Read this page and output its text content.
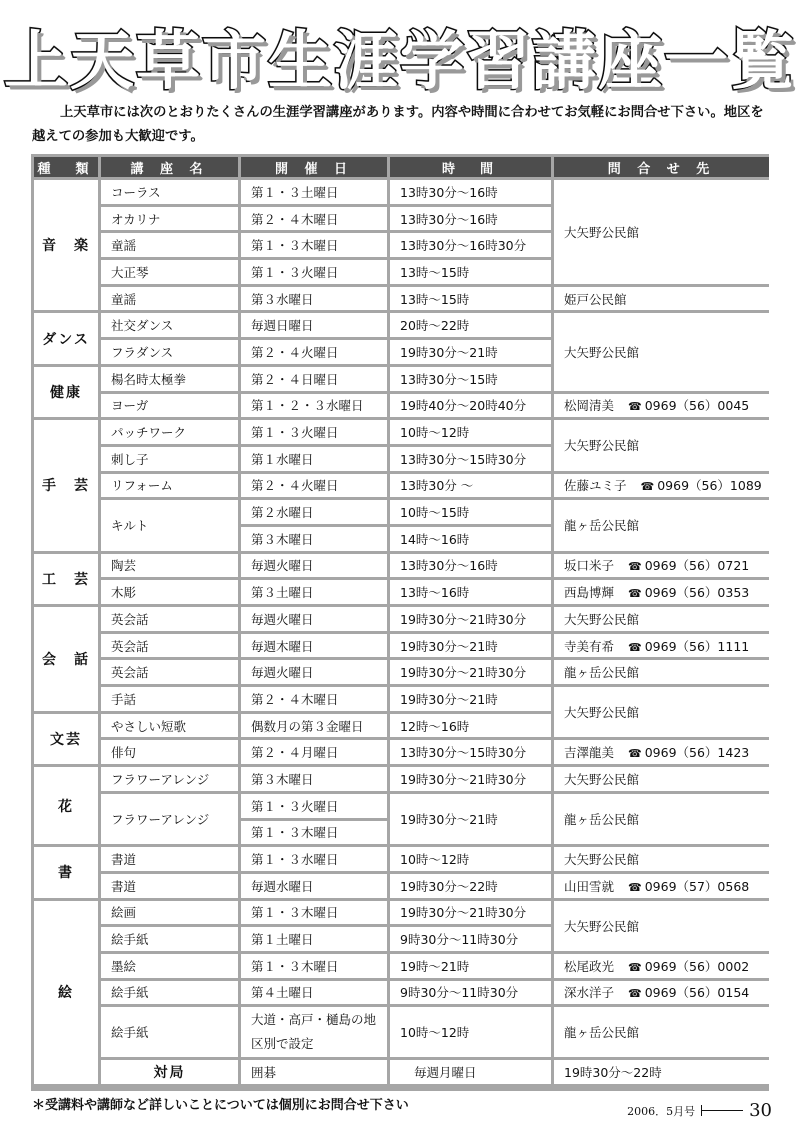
上天草市生涯学習講座一覧
上天草市には次のとおりたくさんの生涯学習講座があります。内容や時間に合わせてお気軽にお問合せ下さい。地区を越えての参加も大歓迎です。
種　類	講 座 名	開 催 日	時　間	問 合 せ 先	
音　楽	コーラス	第１・３土曜日	13時30分～16時	大矢野公民館	
	オカリナ	第２・４木曜日	13時30分～16時		
	童謡	第１・３木曜日	13時30分～16時30分		
	大正琴	第１・３火曜日	13時～15時		
	童謡	第３水曜日	13時～15時	姫戸公民館	
ダンス	社交ダンス	毎週日曜日	20時～22時	大矢野公民館	
	フラダンス	第２・４火曜日	19時30分～21時		
健康	楊名時太極拳	第２・４日曜日	13時30分～15時		
	ヨーガ	第１・２・３水曜日	19時40分～20時40分	松岡清美 ☎ 0969（56）0045	
手　芸	パッチワーク	第１・３火曜日	10時～12時	大矢野公民館	
	刺し子	第１水曜日	13時30分～15時30分		
	リフォーム	第２・４火曜日	13時30分 ～	佐藤ユミ子 ☎ 0969（56）1089	
	キルト	第２水曜日	10時～15時	龍ヶ岳公民館	
		第３木曜日	14時～16時		
工　芸	陶芸	毎週火曜日	13時30分～16時	坂口米子 ☎ 0969（56）0721	
	木彫	第３土曜日	13時～16時	西島博輝 ☎ 0969（56）0353	
会　話	英会話	毎週火曜日	19時30分～21時30分	大矢野公民館	
	英会話	毎週木曜日	19時30分～21時	寺美有希 ☎ 0969（56）1111	
	英会話	毎週火曜日	19時30分～21時30分	龍ヶ岳公民館	
	手話	第２・４木曜日	19時30分～21時	大矢野公民館	
文芸	やさしい短歌	偶数月の第３金曜日	12時～16時		
	俳句	第２・４月曜日	13時30分～15時30分	吉澤龍美 ☎ 0969（56）1423	
花	フラワーアレンジ	第３木曜日	19時30分～21時30分	大矢野公民館	
	フラワーアレンジ	第１・３火曜日	19時30分～21時	龍ヶ岳公民館	
		第１・３木曜日			
書	書道	第１・３水曜日	10時～12時	大矢野公民館	
	書道	毎週水曜日	19時30分～22時	山田雪就 ☎ 0969（57）0568	
絵	絵画	第１・３木曜日	19時30分～21時30分	大矢野公民館	
	絵手紙	第１土曜日	9時30分～11時30分		
	墨絵	第１・３木曜日	19時～21時	松尾政光 ☎ 0969（56）0002	
	絵手紙	第４土曜日	9時30分～11時30分	深水洋子 ☎ 0969（56）0154	
	絵手紙	大道・高戸・樋島の地区別で設定	10時～12時	龍ヶ岳公民館	
	対局	囲碁	毎週月曜日	19時30分～22時	
＊受講料や講師など詳しいことについては個別にお問合せ下さい	2006．5月号	30
